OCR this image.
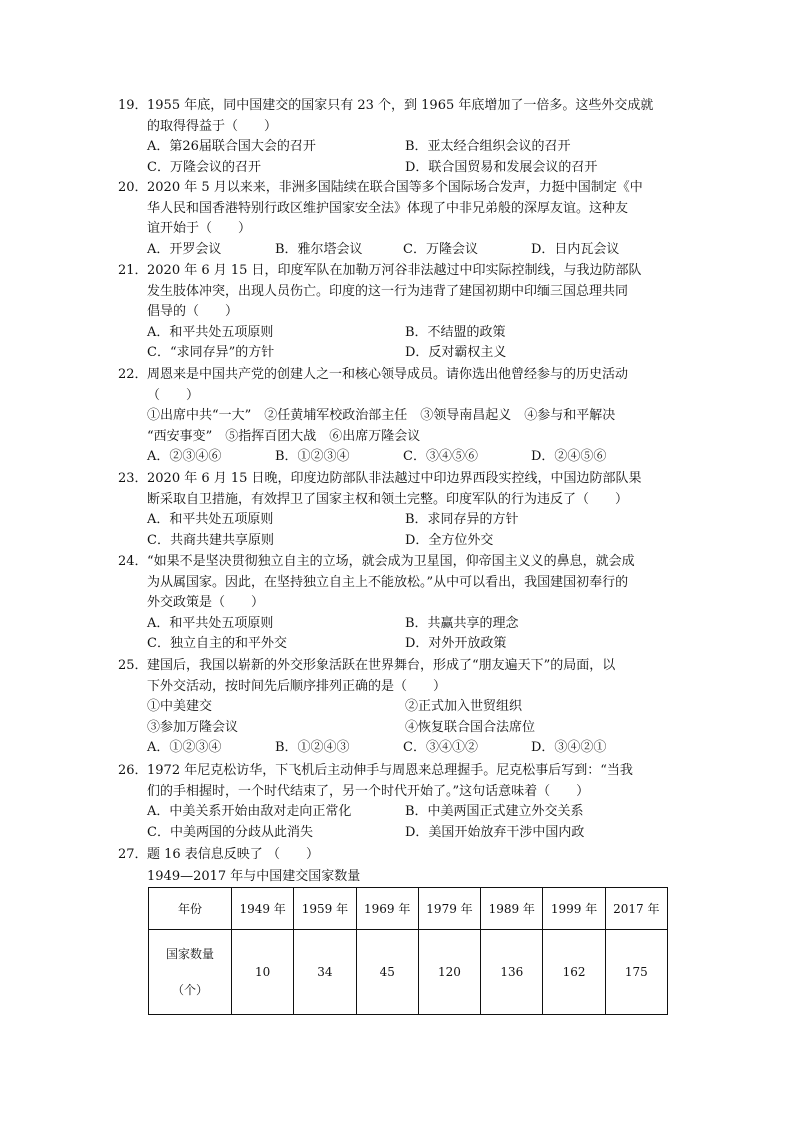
19．1955 年底，同中国建交的国家只有 23 个，到 1965 年底增加了一倍多。这些外交成就
的取得得益于（　　）
A．第26届联合国大会的召开	B．亚太经合组织会议的召开
C．万隆会议的召开	D．联合国贸易和发展会议的召开
20．2020 年 5 月以来来，非洲多国陆续在联合国等多个国际场合发声，力挺中国制定《中
华人民和国香港特别行政区维护国家安全法》体现了中非兄弟般的深厚友谊。这种友
谊开始于（　　）
A．开罗会议	B．雅尔塔会议	C．万隆会议	D．日内瓦会议
21．2020 年 6 月 15 日，印度军队在加勒万河谷非法越过中印实际控制线，与我边防部队
发生肢体冲突，出现人员伤亡。印度的这一行为违背了建国初期中印缅三国总理共同
倡导的（　　）
A．和平共处五项原则	B．不结盟的政策
C．“求同存异”的方针	D．反对霸权主义
22．周恩来是中国共产党的创建人之一和核心领导成员。请你选出他曾经参与的历史活动
（　　）
①出席中共“一大”　②任黄埔军校政治部主任　③领导南昌起义　④参与和平解决
“西安事变”　⑤指挥百团大战　⑥出席万隆会议
A．②③④⑥	B．①②③④	C．③④⑤⑥	D．②④⑤⑥
23．2020 年 6 月 15 日晚，印度边防部队非法越过中印边界西段实控线，中国边防部队果
断采取自卫措施，有效捍卫了国家主权和领土完整。印度军队的行为违反了（　　）
A．和平共处五项原则	B．求同存异的方针
C．共商共建共享原则	D．全方位外交
24．“如果不是坚决贯彻独立自主的立场，就会成为卫星国，仰帝国主义义的鼻息，就会成
为从属国家。因此，在坚持独立自主上不能放松。”从中可以看出，我国建国初奉行的
外交政策是（　　）
A．和平共处五项原则	B．共赢共享的理念
C．独立自主的和平外交	D．对外开放政策
25．建国后，我国以崭新的外交形象活跃在世界舞台，形成了“朋友遍天下”的局面，以
下外交活动，按时间先后顺序排列正确的是（　　）
①中美建交	②正式加入世贸组织
③参加万隆会议	④恢复联合国合法席位
A．①②③④	B．①②④③	C．③④①②	D．③④②①
26．1972 年尼克松访华，下飞机后主动伸手与周恩来总理握手。尼克松事后写到：“当我
们的手相握时，一个时代结束了，另一个时代开始了。”这句话意味着（　　）
A．中美关系开始由敌对走向正常化	B．中美两国正式建立外交关系
C．中美两国的分歧从此消失	D．美国开始放弃干涉中国内政
27．题 16 表信息反映了 （　　）
1949—2017 年与中国建交国家数量
年份	1949 年	1959 年	1969 年	1979 年	1989 年	1999 年	2017 年

国家数量
（个）	10	34	45	120	136	162	175
